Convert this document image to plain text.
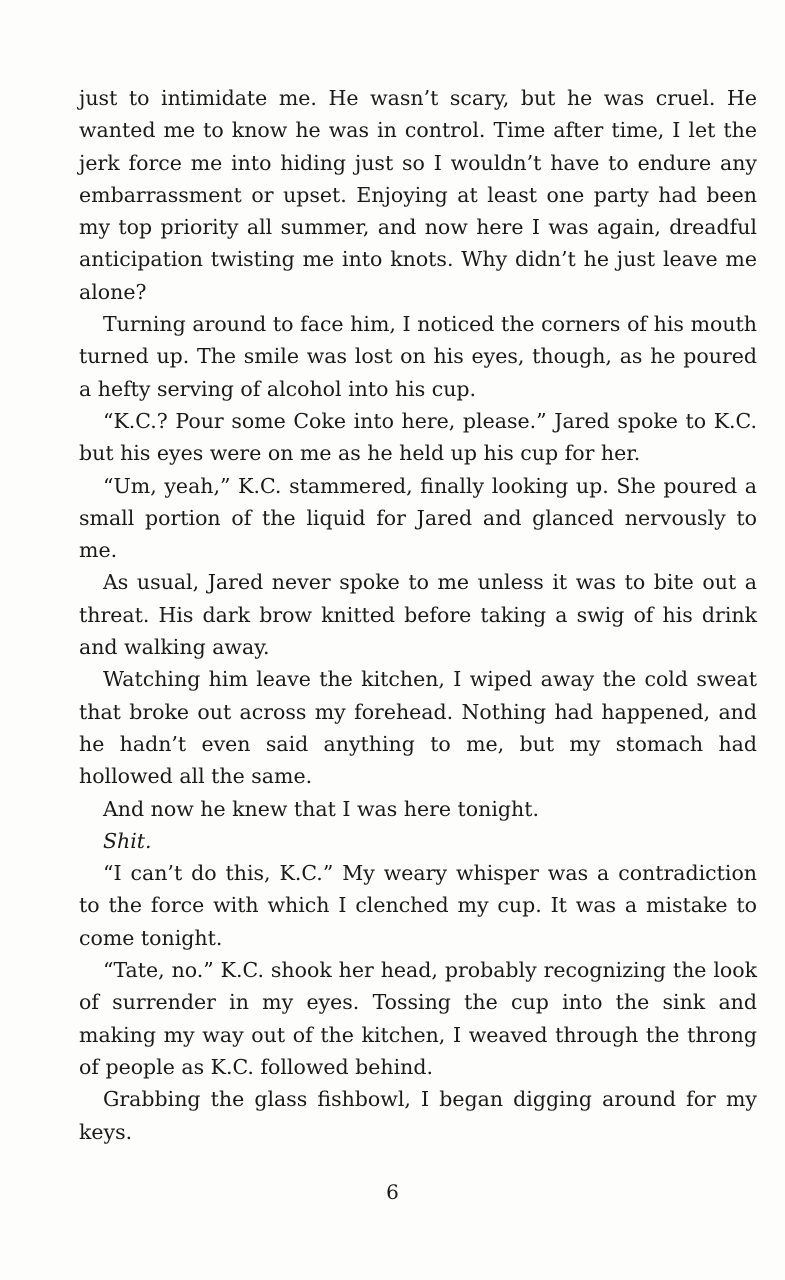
just to intimidate me. He wasn’t scary, but he was cruel. He wanted me to know he was in control. Time after time, I let the jerk force me into hiding just so I wouldn’t have to endure any embarrassment or upset. Enjoying at least one party had been my top priority all summer, and now here I was again, dreadful anticipation twisting me into knots. Why didn’t he just leave me alone?

Turning around to face him, I noticed the corners of his mouth turned up. The smile was lost on his eyes, though, as he poured a hefty serving of alcohol into his cup.

“K.C.? Pour some Coke into here, please.” Jared spoke to K.C. but his eyes were on me as he held up his cup for her.

“Um, yeah,” K.C. stammered, finally looking up. She poured a small portion of the liquid for Jared and glanced nervously to me.

As usual, Jared never spoke to me unless it was to bite out a threat. His dark brow knitted before taking a swig of his drink and walking away.

Watching him leave the kitchen, I wiped away the cold sweat that broke out across my forehead. Nothing had happened, and he hadn’t even said anything to me, but my stomach had hollowed all the same.

And now he knew that I was here tonight.

Shit.

“I can’t do this, K.C.” My weary whisper was a contradiction to the force with which I clenched my cup. It was a mistake to come tonight.

“Tate, no.” K.C. shook her head, probably recognizing the look of surrender in my eyes. Tossing the cup into the sink and making my way out of the kitchen, I weaved through the throng of people as K.C. followed behind.

Grabbing the glass fishbowl, I began digging around for my keys.

6
